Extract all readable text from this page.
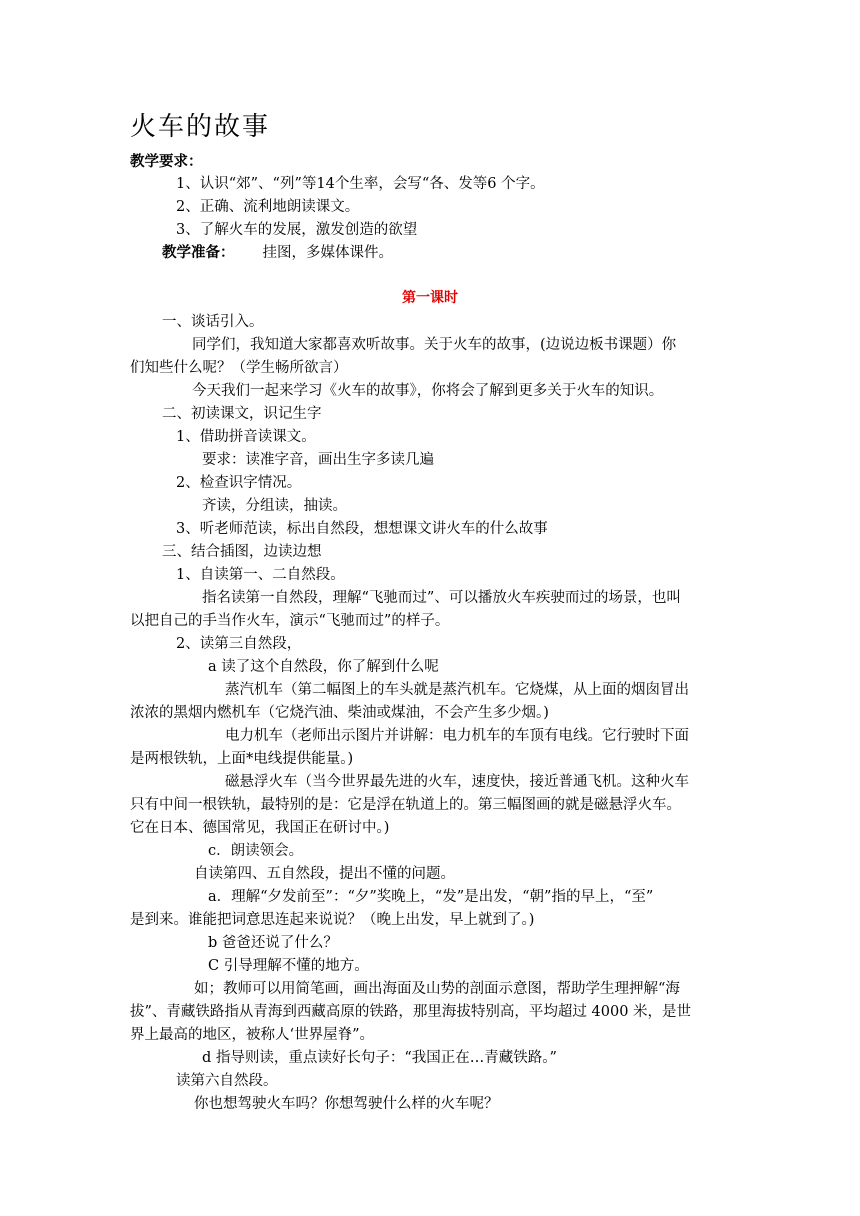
火车的故事
教学要求：
1、认识“郊”、“列”等14个生率，会写“各、发等6 个字。
2、正确、流利地朗读课文。
3、了解火车的发展，激发创造的欲望
教学准备： 挂图，多媒体课件。
第一课时
一、谈话引入。
同学们，我知道大家都喜欢听故事。关于火车的故事，(边说边板书课题）你
们知些什么呢？（学生畅所欲言）
今天我们一起来学习《火车的故事》，你将会了解到更多关于火车的知识。
二、初读课文，识记生字
1、借助拼音读课文。
要求：读准字音，画出生字多读几遍
2、检查识字情况。
齐读，分组读，抽读。
3、听老师范读，标出自然段，想想课文讲火车的什么故事
三、结合插图，边读边想
1、自读第一、二自然段。
指名读第一自然段，理解“飞驰而过”、可以播放火车疾驶而过的场景，也叫
以把自己的手当作火车，演示“飞驰而过”的样子。
2、读第三自然段，
a 读了这个自然段，你了解到什么呢
蒸汽机车（第二幅图上的车头就是蒸汽机车。它烧煤，从上面的烟囱冒出
浓浓的黑烟内燃机车（它烧汽油、柴油或煤油，不会产生多少烟。)
电力机车（老师出示图片并讲解：电力机车的车顶有电线。它行驶时下面
是两根铁轨，上面*电线提供能量。)
磁悬浮火车（当今世界最先进的火车，速度快，接近普通飞机。这种火车
只有中间一根铁轨，最特别的是：它是浮在轨道上的。第三幅图画的就是磁悬浮火车。
它在日本、德国常见，我国正在研讨中。)
c．朗读领会。
自读第四、五自然段，提出不懂的问题。
a．理解“夕发前至”：“夕”奖晚上，“发”是出发，“朝”指的早上，“至”
是到来。谁能把词意思连起来说说？（晚上出发，早上就到了。)
b 爸爸还说了什么？
C 引导理解不懂的地方。
如；教师可以用简笔画，画出海面及山势的剖面示意图，帮助学生理押解“海
拔”、青藏铁路指从青海到西藏高原的铁路，那里海拔特别高，平均超过 4000 米，是世
界上最高的地区，被称人‘世界屋脊”。
d 指导则读，重点读好长句子：“我国正在…青藏铁路。”
读第六自然段。
你也想驾驶火车吗？你想驾驶什么样的火车呢？
